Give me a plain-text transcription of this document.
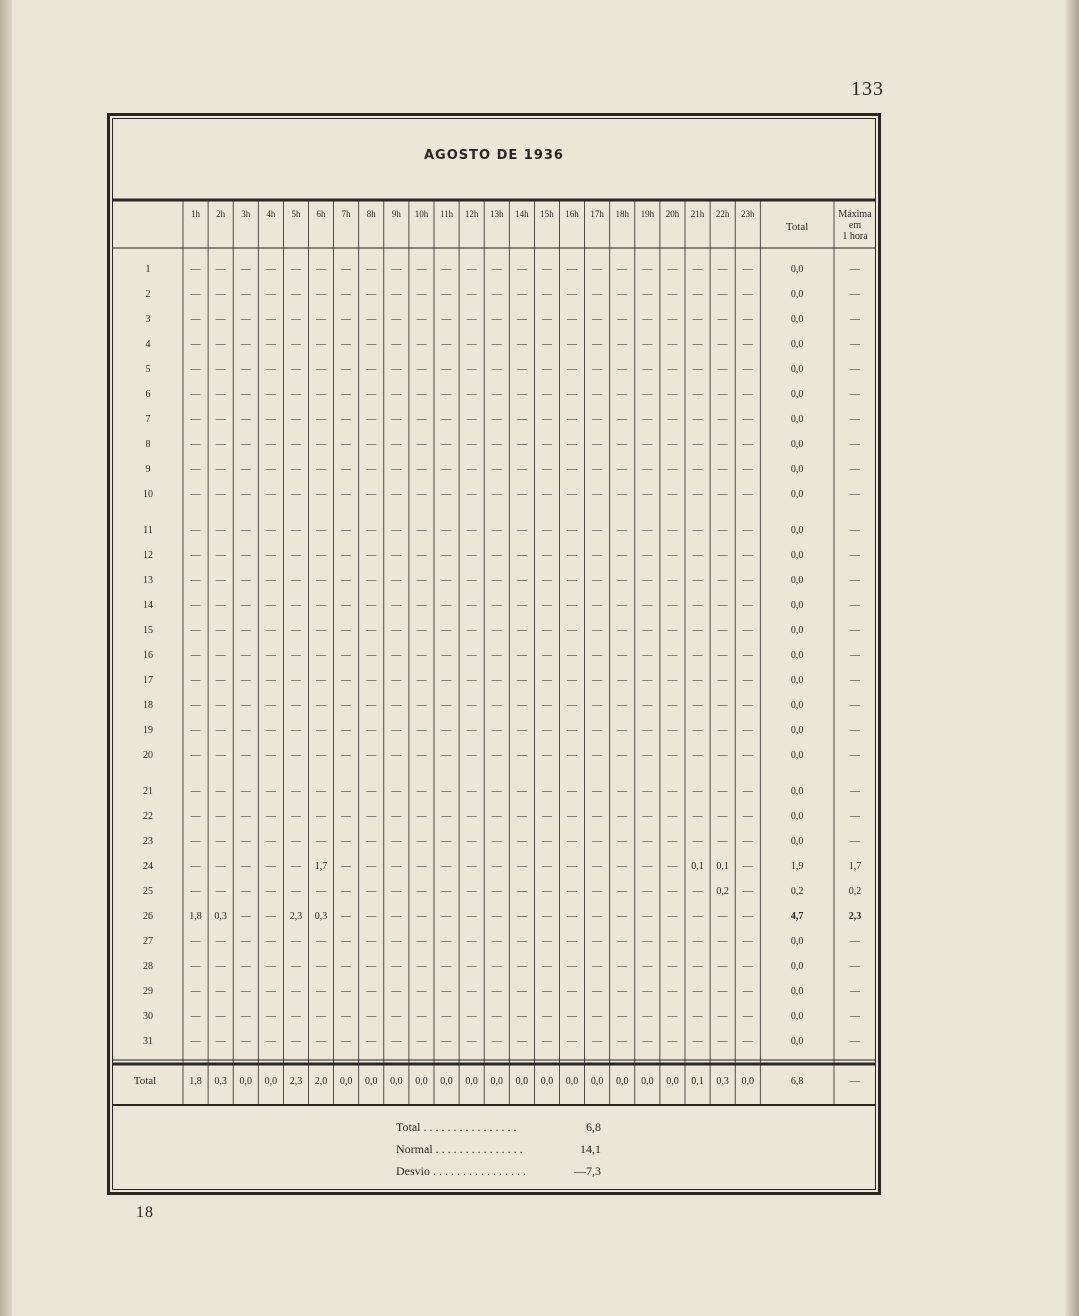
133
18
AGOSTO DE 1936
1h 2h 3h 4h 5h 6h 7h 8h 9h 10h 11h 12h 13h 14h 15h 16h 17h 18h 19h 20h 21h 22h 23h
Total
Máxima
em
1 hora
1	— — — — — — — — — — — — — — — — — — — — — — —	0,0	—
2	— — — — — — — — — — — — — — — — — — — — — — —	0,0	—
3	— — — — — — — — — — — — — — — — — — — — — — —	0,0	—
4	— — — — — — — — — — — — — — — — — — — — — — —	0,0	—
5	— — — — — — — — — — — — — — — — — — — — — — —	0,0	—
6	— — — — — — — — — — — — — — — — — — — — — — —	0,0	—
7	— — — — — — — — — — — — — — — — — — — — — — —	0,0	—
8	— — — — — — — — — — — — — — — — — — — — — — —	0,0	—
9	— — — — — — — — — — — — — — — — — — — — — — —	0,0	—
10	— — — — — — — — — — — — — — — — — — — — — — —	0,0	—
11	— — — — — — — — — — — — — — — — — — — — — — —	0,0	—
12	— — — — — — — — — — — — — — — — — — — — — — —	0,0	—
13	— — — — — — — — — — — — — — — — — — — — — — —	0,0	—
14	— — — — — — — — — — — — — — — — — — — — — — —	0,0	—
15	— — — — — — — — — — — — — — — — — — — — — — —	0,0	—
16	— — — — — — — — — — — — — — — — — — — — — — —	0,0	—
17	— — — — — — — — — — — — — — — — — — — — — — —	0,0	—
18	— — — — — — — — — — — — — — — — — — — — — — —	0,0	—
19	— — — — — — — — — — — — — — — — — — — — — — —	0,0	—
20	— — — — — — — — — — — — — — — — — — — — — — —	0,0	—
21	— — — — — — — — — — — — — — — — — — — — — — —	0,0	—
22	— — — — — — — — — — — — — — — — — — — — — — —	0,0	—
23	— — — — — — — — — — — — — — — — — — — — — — —	0,0	—
24	— — — — — 1,7 — — — — — — — — — — — — — — 0,1 0,1 —	1,9	1,7
25	— — — — — — — — — — — — — — — — — — — — — 0,2 —	0,2	0,2
26	1,8 0,3 — — 2,3 0,3 — — — — — — — — — — — — — — — — —	4,7	2,3
27	— — — — — — — — — — — — — — — — — — — — — — —	0,0	—
28	— — — — — — — — — — — — — — — — — — — — — — —	0,0	—
29	— — — — — — — — — — — — — — — — — — — — — — —	0,0	—
30	— — — — — — — — — — — — — — — — — — — — — — —	0,0	—
31	— — — — — — — — — — — — — — — — — — — — — — —	0,0	—
Total	1,8 0,3 0,0 0,0 2,3 2,0 0,0 0,0 0,0 0,0 0,0 0,0 0,0 0,0 0,0 0,0 0,0 0,0 0,0 0,0 0,1 0,3 0,0	6,8	—
Total . . . . . . . . . . . . . . . .	6,8
Normal . . . . . . . . . . . . . . .	14,1
Desvio . . . . . . . . . . . . . . . .	—7,3
